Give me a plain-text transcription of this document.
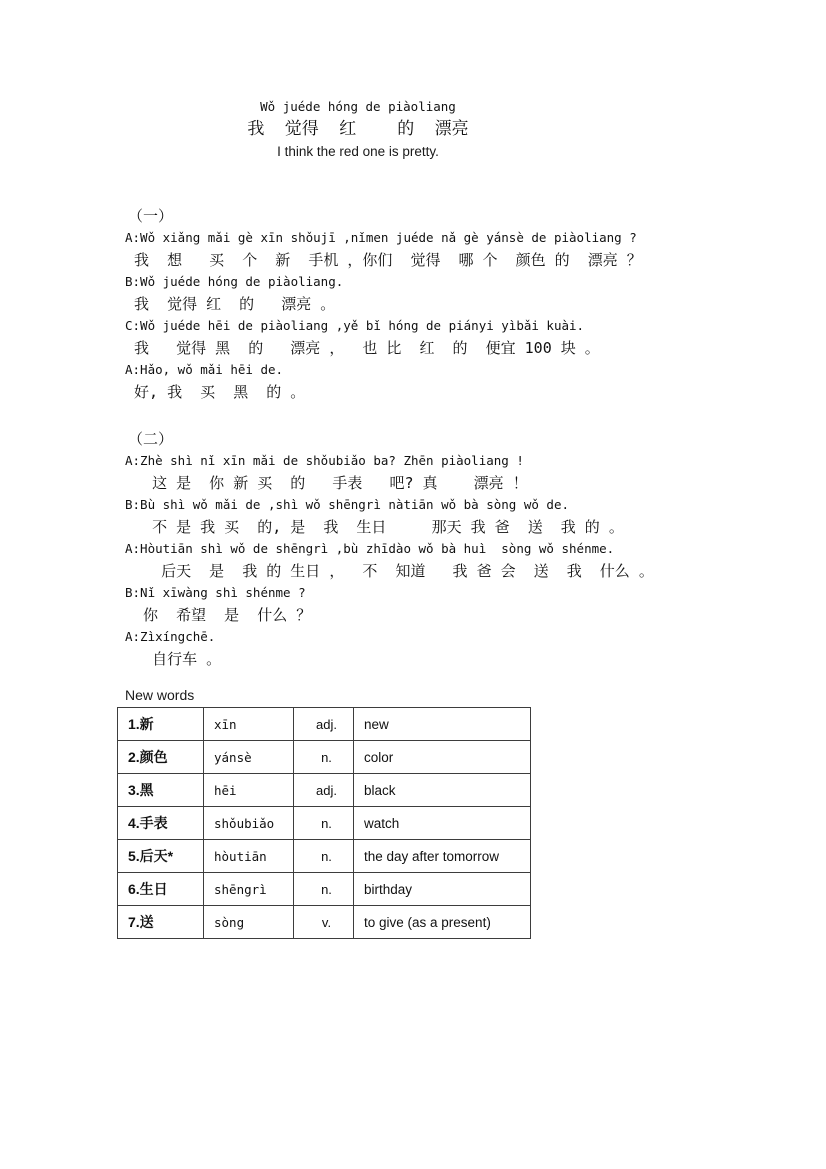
Wǒ juéde hóng de piàoliang
我  觉得  红    的  漂亮
I think the red one is pretty.
（一）
A:Wǒ xiǎng mǎi gè xīn shǒujī ,nǐmen juéde nǎ gè yánsè de piàoliang ?
我  想   买  个  新  手机 ，你们  觉得  哪 个  颜色 的  漂亮 ？
B:Wǒ juéde hóng de piàoliang.
我  觉得 红  的   漂亮 。
C:Wǒ juéde hēi de piàoliang ,yě bǐ hóng de piányi yìbǎi kuài.
我   觉得 黑  的   漂亮 ，  也 比  红  的  便宜 100 块 。
A:Hǎo, wǒ mǎi hēi de.
好, 我  买  黑  的 。
（二）
A:Zhè shì nǐ xīn mǎi de shǒubiǎo ba? Zhēn piàoliang !
这 是  你 新 买  的   手表   吧? 真    漂亮 ！
B:Bù shì wǒ mǎi de ,shì wǒ shēngrì nàtiān wǒ bà sòng wǒ de.
不 是 我 买  的, 是  我  生日     那天 我 爸  送  我 的 。
A:Hòutiān shì wǒ de shēngrì ,bù zhīdào wǒ bà huì  sòng wǒ shénme.
后天  是  我 的 生日 ，  不  知道   我 爸 会  送  我  什么 。
B:Nǐ xīwàng shì shénme ?
你  希望  是  什么 ？
A:Zìxíngchē.
自行车 。
New words
1.新	xīn	adj.	new
2.颜色	yánsè	n.	color
3.黑	hēi	adj.	black
4.手表	shǒubiǎo	n.	watch
5.后天*	hòutiān	n.	the day after tomorrow
6.生日	shēngrì	n.	birthday
7.送	sòng	v.	to give (as a present)
